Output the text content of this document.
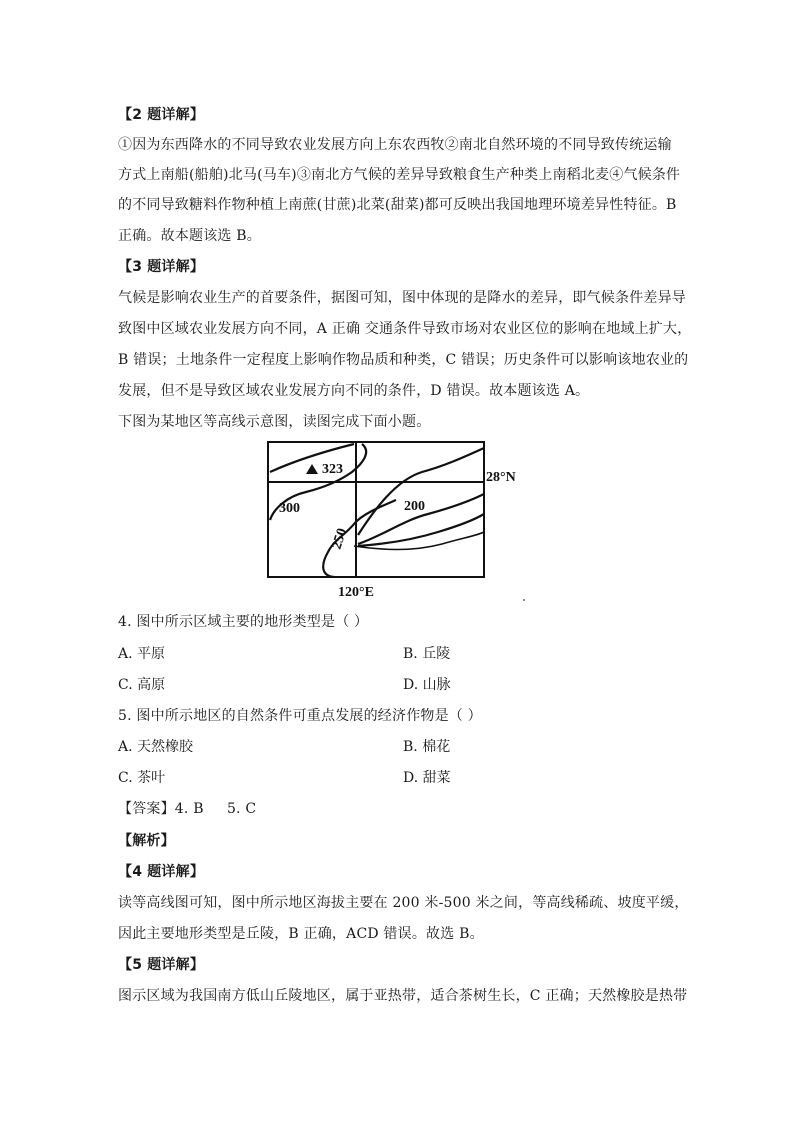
【2 题详解】
①因为东西降水的不同导致农业发展方向上东农西牧②南北自然环境的不同导致传统运输
方式上南船(船舶)北马(马车)③南北方气候的差异导致粮食生产种类上南稻北麦④气候条件
的不同导致糖料作物种植上南蔗(甘蔗)北菜(甜菜)都可反映出我国地理环境差异性特征。B
正确。故本题该选 B。
【3 题详解】
气候是影响农业生产的首要条件，据图可知，图中体现的是降水的差异，即气候条件差异导
致图中区域农业发展方向不同，A 正确 交通条件导致市场对农业区位的影响在地域上扩大，
B 错误；土地条件一定程度上影响作物品质和种类，C 错误；历史条件可以影响该地农业的
发展，但不是导致区域农业发展方向不同的条件，D 错误。故本题该选 A。
下图为某地区等高线示意图，读图完成下面小题。
323
300	200
250
28°N
120°E
4. 图中所示区域主要的地形类型是（ ）
A. 平原	B. 丘陵
C. 高原	D. 山脉
5. 图中所示地区的自然条件可重点发展的经济作物是（ ）
A. 天然橡胶	B. 棉花
C. 茶叶	D. 甜菜
【答案】4. B     5. C
【解析】
【4 题详解】
读等高线图可知，图中所示地区海拔主要在 200 米-500 米之间，等高线稀疏、坡度平缓，
因此主要地形类型是丘陵，B 正确，ACD 错误。故选 B。
【5 题详解】
图示区域为我国南方低山丘陵地区，属于亚热带，适合茶树生长，C 正确；天然橡胶是热带
